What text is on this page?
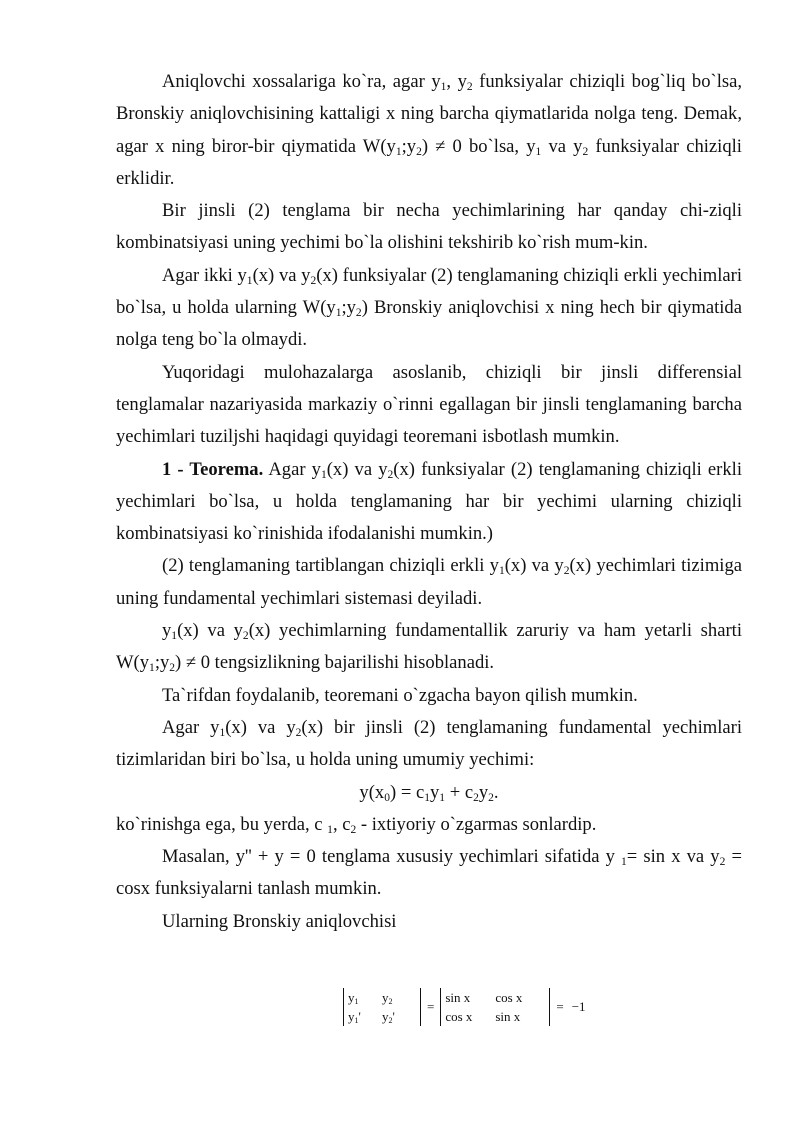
Aniqlovchi xossalariga ko`ra, agar $y_1$, $y_2$ funksiyalar chiziqli bog`liq bo`lsa, Bronskiy aniqlovchisining kattaligi x ning barcha qiymatlarida nolga teng. Demak, agar x ning biror-bir qiymatida $W(y_1;y_2) \ne 0$ bo`lsa, $y_1$ va $y_2$ funksiyalar chiziqli erklidir.

Bir jinsli (2) tenglama bir necha yechimlarining har qanday chi-ziqli kombinatsiyasi uning yechimi bo`la olishini tekshirib ko`rish mum-kin.

Agar ikki $y_1(x)$ va $y_2(x)$ funksiyalar (2) tenglamaning chiziqli erkli yechimlari bo`lsa, u holda ularning $W(y_1;y_2)$ Bronskiy aniqlovchisi x ning hech bir qiymatida nolga teng bo`la olmaydi.

Yuqoridagi mulohazalarga asoslanib, chiziqli bir jinsli differensial tenglamalar nazariyasida markaziy o`rinni egallagan bir jinsli tenglamaning barcha yechimlari tuziljshi haqidagi quyidagi teoremani isbotlash mumkin.

1 - Teorema. Agar $y_1(x)$ va $y_2(x)$ funksiyalar (2) tenglamaning chiziqli erkli yechimlari bo`lsa, u holda tenglamaning har bir yechimi ularning chiziqli kombinatsiyasi ko`rinishida ifodalanishi mumkin.)

(2) tenglamaning tartiblangan chiziqli erkli $y_1(x)$ va $y_2(x)$ yechimlari tizimiga uning fundamental yechimlari sistemasi deyiladi.

$y_1(x)$ va $y_2(x)$ yechimlarning fundamentallik zaruriy va ham yetarli sharti $W(y_1;y_2) \ne 0$ tengsizlikning bajarilishi hisoblanadi.

Ta`rifdan foydalanib, teoremani o`zgacha bayon qilish mumkin.

Agar $y_1(x)$ va $y_2(x)$ bir jinsli (2) tenglamaning fundamental yechimlari tizimlaridan biri bo`lsa, u holda uning umumiy yechimi:

$y(x_0) = c_1y_1 + c_2y_2$.

ko`rinishga ega, bu yerda, c $_1$, $c_2$ - ixtiyoriy o`zgarmas sonlardip.

Masalan, y'' + y = 0 tenglama xususiy yechimlari sifatida y $_1$= sin x va $y_2 = \cos x$ funksiyalarni tanlash mumkin.

Ularning Bronskiy aniqlovchisi

$y_1$	$y_2$
$y_1'$	$y_2'$
=
sin x	cos x
cos x	sin x
= −1
